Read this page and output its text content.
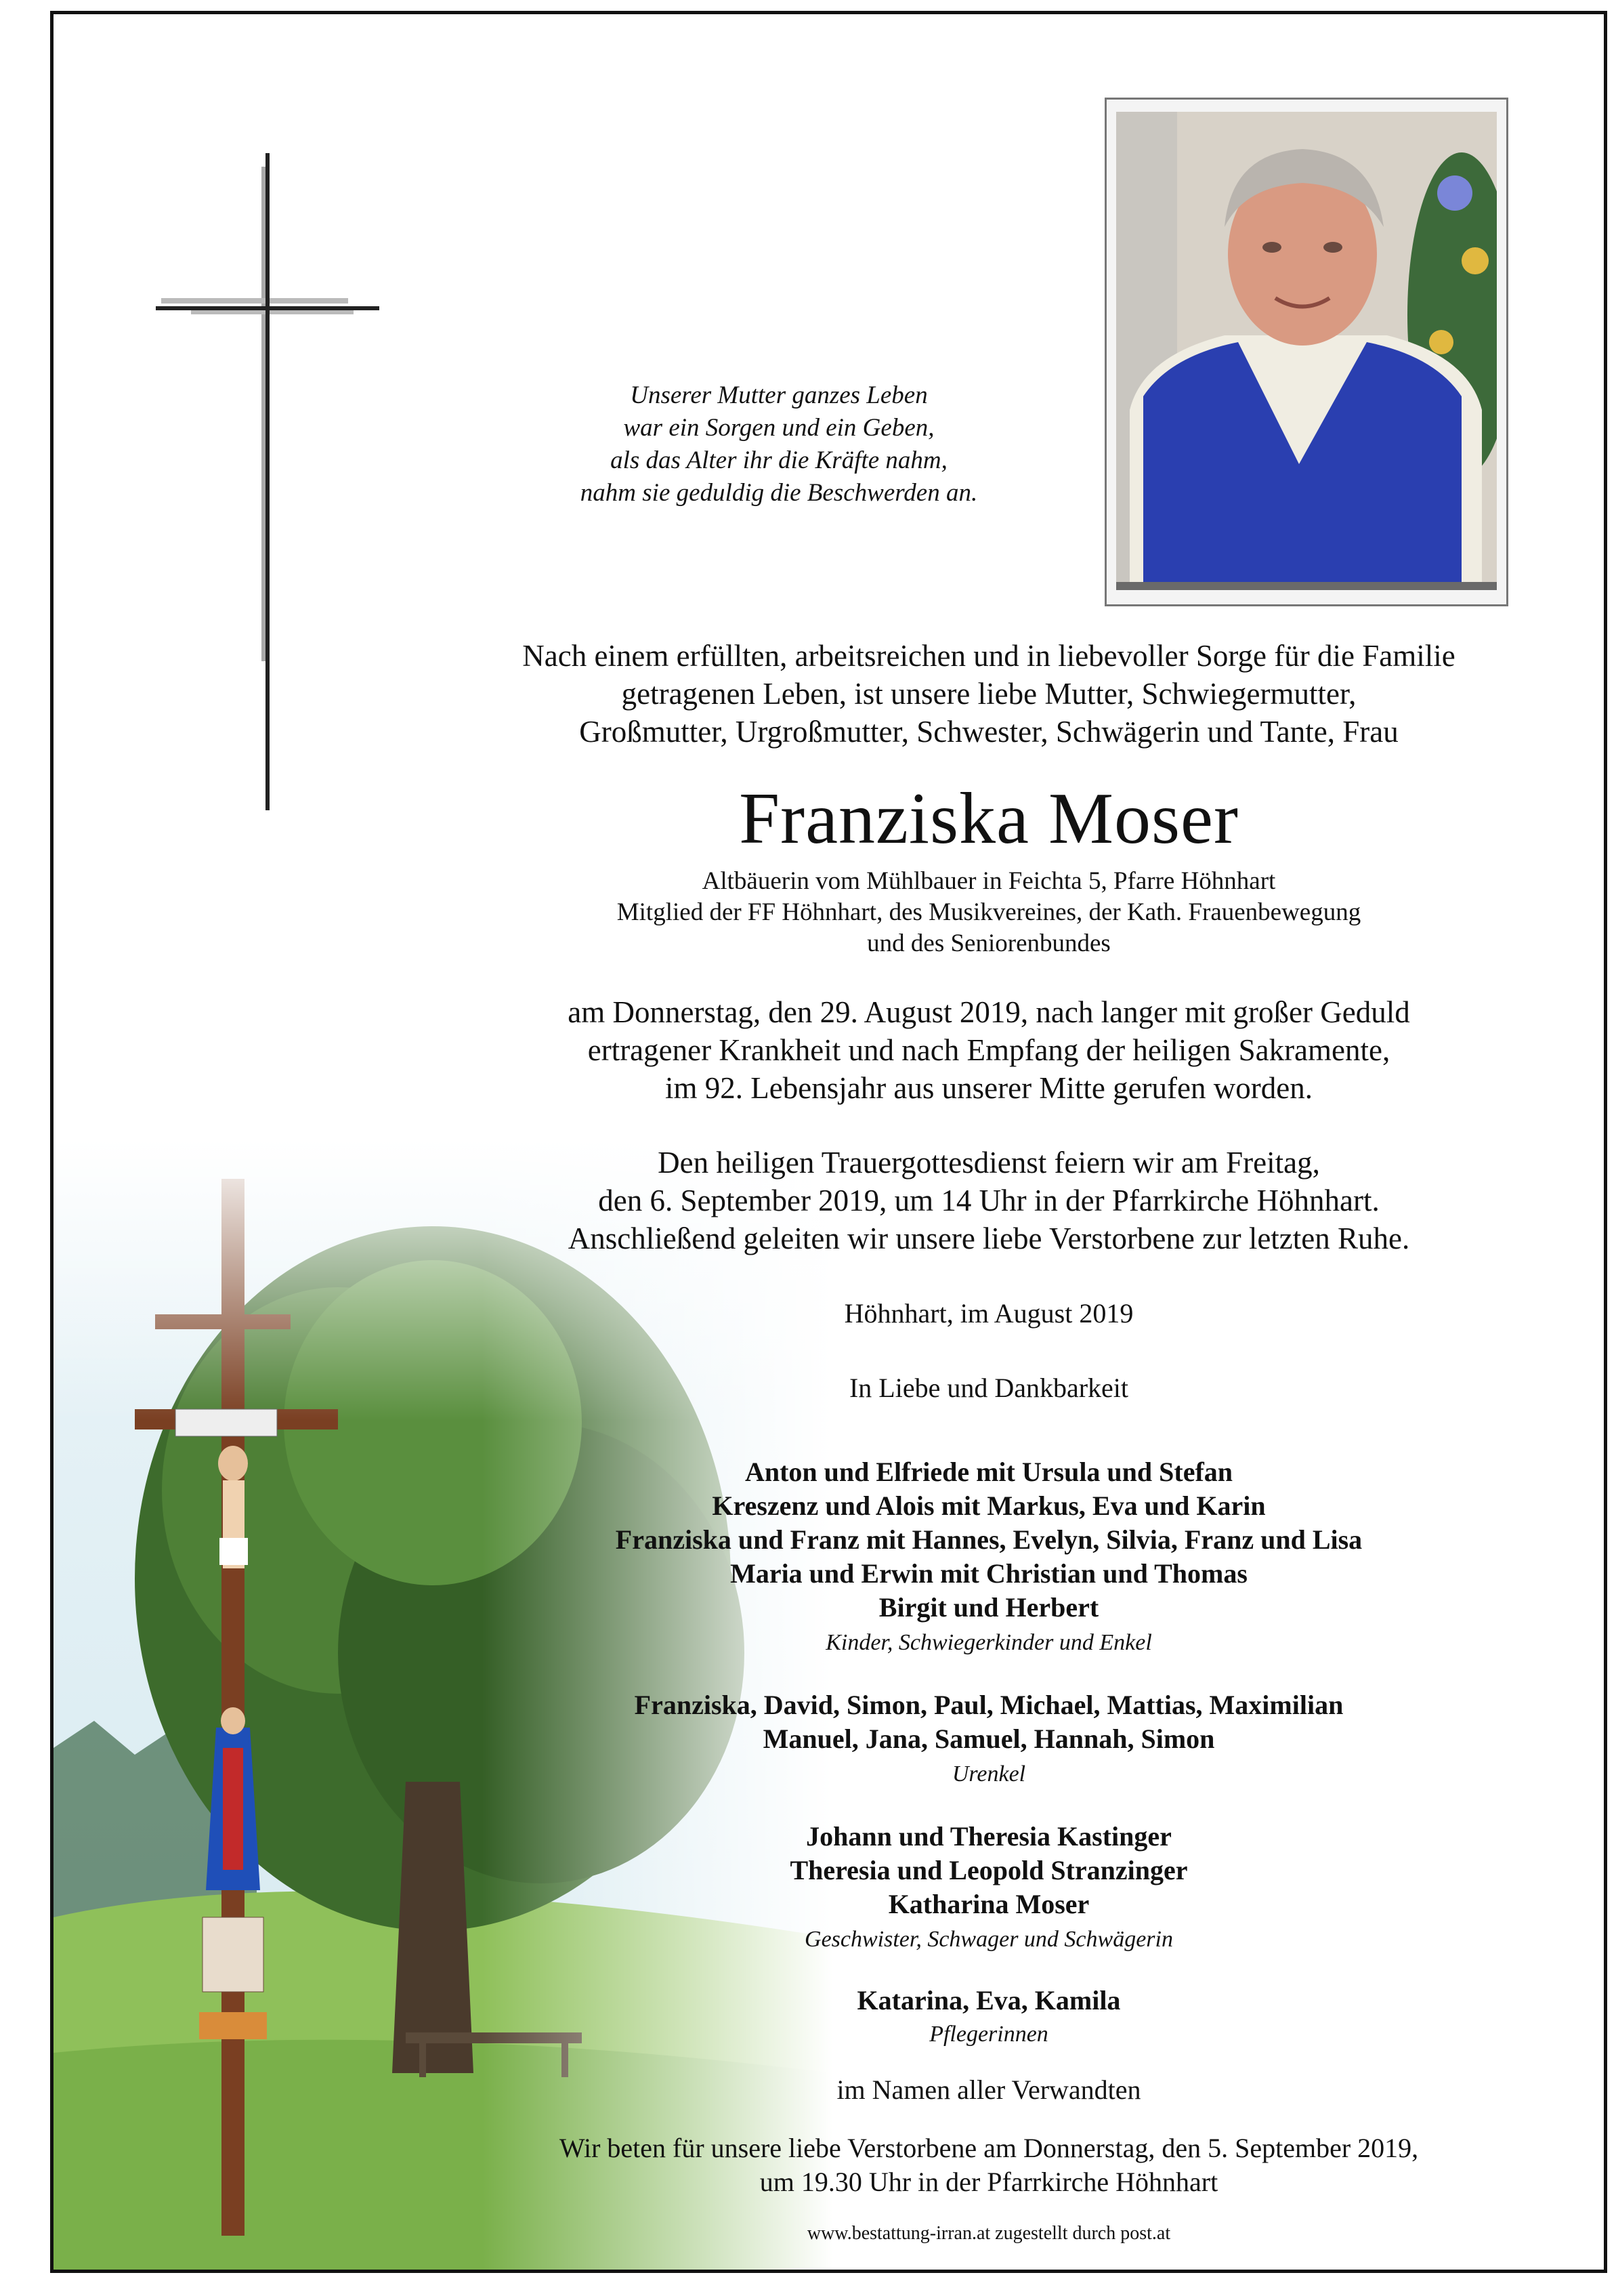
Unserer Mutter ganzes Leben
war ein Sorgen und ein Geben,
als das Alter ihr die Kräfte nahm,
nahm sie geduldig die Beschwerden an.
Nach einem erfüllten, arbeitsreichen und in liebevoller Sorge für die Familie
getragenen Leben, ist unsere liebe Mutter, Schwiegermutter,
Großmutter, Urgroßmutter, Schwester, Schwägerin und Tante, Frau
Franziska Moser
Altbäuerin vom Mühlbauer in Feichta 5, Pfarre Höhnhart
Mitglied der FF Höhnhart, des Musikvereines, der Kath. Frauenbewegung
und des Seniorenbundes
am Donnerstag, den 29. August 2019, nach langer mit großer Geduld
ertragener Krankheit und nach Empfang der heiligen Sakramente,
im 92. Lebensjahr aus unserer Mitte gerufen worden.
Den heiligen Trauergottesdienst feiern wir am Freitag,
den 6. September 2019, um 14 Uhr in der Pfarrkirche Höhnhart.
Anschließend geleiten wir unsere liebe Verstorbene zur letzten Ruhe.
Höhnhart, im August 2019
In Liebe und Dankbarkeit
Anton und Elfriede mit Ursula und Stefan
Kreszenz und Alois mit Markus, Eva und Karin
Franziska und Franz mit Hannes, Evelyn, Silvia, Franz und Lisa
Maria und Erwin mit Christian und Thomas
Birgit und Herbert
Kinder, Schwiegerkinder und Enkel
Franziska, David, Simon, Paul, Michael, Mattias, Maximilian
Manuel, Jana, Samuel, Hannah, Simon
Urenkel
Johann und Theresia Kastinger
Theresia und Leopold Stranzinger
Katharina Moser
Geschwister, Schwager und Schwägerin
Katarina, Eva, Kamila
Pflegerinnen
im Namen aller Verwandten
Wir beten für unsere liebe Verstorbene am Donnerstag, den 5. September 2019,
um 19.30 Uhr in der Pfarrkirche Höhnhart
www.bestattung-irran.at zugestellt durch post.at
